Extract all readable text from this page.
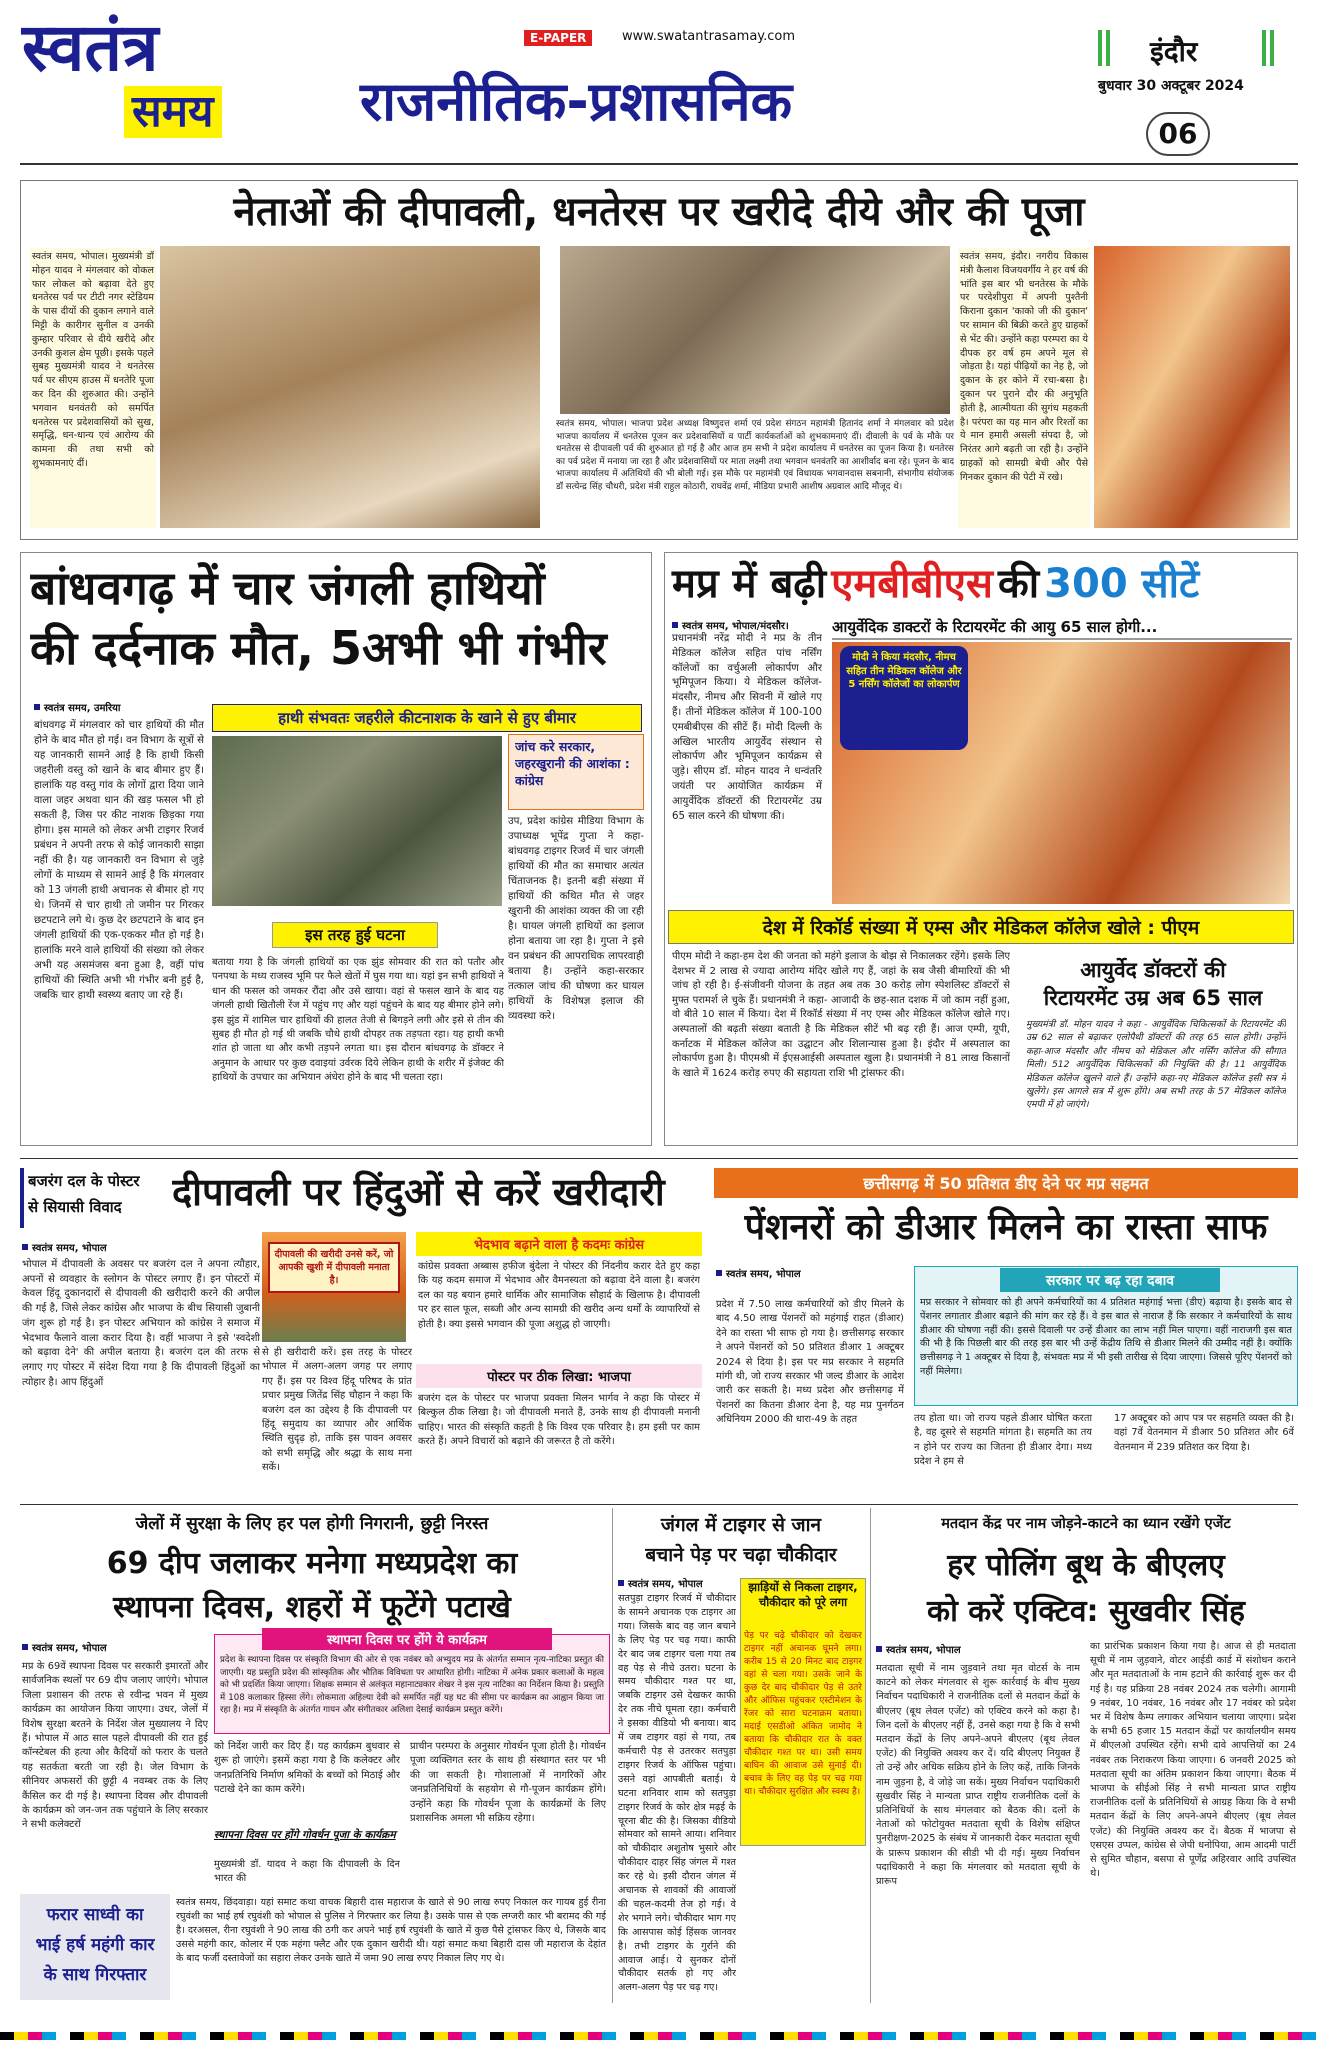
स्वतंत्र
समय
E-PAPER	www.swatantrasamay.com
राजनीतिक-प्रशासनिक
इंदौर
बुधवार 30 अक्टूबर 2024
06
नेताओं की दीपावली, धनतेरस पर खरीदे दीये और की पूजा
स्वतंत्र समय, भोपाल। मुख्यमंत्री डॉ मोहन यादव ने मंगलवार को वोकल फार लोकल को बढ़ावा देते हुए धनतेरस पर्व पर टीटी नगर स्टेडियम के पास दीयों की दुकान लगाने वाले मिट्टी के कारीगर सुनील व उनकी कुम्हार परिवार से दीये खरीदे और उनकी कुशल क्षेम पूछी। इसके पहले सुबह मुख्यमंत्री यादव ने धनतेरस पर्व पर सीएम हाउस में धनतेरि पूजा कर दिन की शुरुआत की। उन्होंने भगवान धनवंतरी को समर्पित धनतेरस पर प्रदेशवासियों को सुख, समृद्धि, धन-धान्य एवं आरोग्य की कामना की तथा सभी को शुभकामनाएं दीं।
स्वतंत्र समय, भोपाल। भाजपा प्रदेश अध्यक्ष विष्णुदत्त शर्मा एवं प्रदेश संगठन महामंत्री हितानंद शर्मा ने मंगलवार को प्रदेश भाजपा कार्यालय में धनतेरस पूजन कर प्रदेशवासियों व पार्टी कार्यकर्ताओं को शुभकामनाएं दीं। दीवाली के पर्व के मौके पर धनतेरस से दीपावली पर्व की शुरुआत हो गई है और आज हम सभी ने प्रदेश कार्यालय में धनतेरस का पूजन किया है। धनतेरस का पर्व प्रदेश में मनाया जा रहा है और प्रदेशवासियों पर माता लक्ष्मी तथा भगवान धनवंतरि का आशीर्वाद बना रहे। पूजन के बाद भाजपा कार्यालय में अतिथियों की भी बोली गई। इस मौके पर महामंत्री एवं विधायक भगवानदास सबनानी, संभागीय संयोजक डॉ सत्येन्द्र सिंह चौधरी, प्रदेश मंत्री राहुल कोठारी, राघवेंद्र शर्मा, मीडिया प्रभारी आशीष अग्रवाल आदि मौजूद थे।
स्वतंत्र समय, इंदौर। नगरीय विकास मंत्री कैलाश विजयवर्गीय ने हर वर्ष की भांति इस बार भी धनतेरस के मौके पर परदेशीपुरा में अपनी पुश्तैनी किराना दुकान 'काको जी की दुकान' पर सामान की बिक्री करते हुए ग्राहकों से भेंट की। उन्होंने कहा परम्परा का ये दीपक हर वर्ष हम अपने मूल से जोड़ता है। यहां पीढ़ियों का नेह है, जो दुकान के हर कोने में रचा-बसा है। दुकान पर पुराने दौर की अनुभूति होती है, आत्मीयता की सुगंध महकती है। परंपरा का यह मान और रिश्तों का ये मान हमारी असली संपदा है, जो निरंतर आगे बढ़ती जा रही है। उन्होंने ग्राहकों को सामग्री बेची और पैसे गिनकर दुकान की पेटी में रखे।
बांधवगढ़ में चार जंगली हाथियों
की दर्दनाक मौत, 5अभी भी गंभीर
स्वतंत्र समय, उमरिया
बांधवगढ़ में मंगलवार को चार हाथियों की मौत होने के बाद मौत हो गई। वन विभाग के सूत्रों से यह जानकारी सामने आई है कि हाथी किसी जहरीली वस्तु को खाने के बाद बीमार हुए हैं। हालांकि यह वस्तु गांव के लोगों द्वारा दिया जाने वाला जहर अथवा धान की खड़ फसल भी हो सकती है, जिस पर कीट नाशक छिड़का गया होगा। इस मामले को लेकर अभी टाइगर रिजर्व प्रबंधन ने अपनी तरफ से कोई जानकारी साझा नहीं की है। यह जानकारी वन विभाग से जुड़े लोगों के माध्यम से सामने आई है कि मंगलवार को 13 जंगली हाथी अचानक से बीमार हो गए थे। जिनमें से चार हाथी तो जमीन पर गिरकर छटपटाने लगे थे। कुछ देर छटपटाने के बाद इन जंगली हाथियों की एक-एककर मौत हो गई है। हालांकि मरने वाले हाथियों की संख्या को लेकर अभी यह असमंजस बना हुआ है, वहीं पांच हाथियों की स्थिति अभी भी गंभीर बनी हुई है, जबकि चार हाथी स्वस्थ्य बताए जा रहे हैं।
हाथी संभवतः जहरीले कीटनाशक के खाने से हुए बीमार
जांच करे सरकार, जहरखुरानी की आशंका : कांग्रेस
उप, प्रदेश कांग्रेस मीडिया विभाग के उपाध्यक्ष भूपेंद्र गुप्ता ने कहा-बांधवगढ़ टाइगर रिजर्व में चार जंगली हाथियों की मौत का समाचार अत्यंत चिंताजनक है। इतनी बड़ी संख्या में हाथियों की कथित मौत से जहर खुरानी की आशंका व्यक्त की जा रही है। घायल जंगली हाथियों का इलाज होना बताया जा रहा है। गुप्ता ने इसे वन प्रबंधन की आपराधिक लापरवाही बताया है। उन्होंने कहा-सरकार तत्काल जांच की घोषणा कर घायल हाथियों के विशेषज्ञ इलाज की व्यवस्था करे।
इस तरह हुई घटना
बताया गया है कि जंगली हाथियों का एक झुंड सोमवार की रात को पतौर और पनपथा के मध्य राजस्व भूमि पर फैले खेतों में घुस गया था। यहां इन सभी हाथियों ने धान की फसल को जमकर रौंदा और उसे खाया। वहां से फसल खाने के बाद यह जंगली हाथी खितौली रेंज में पहुंच गए और यहां पहुंचने के बाद यह बीमार होने लगे। इस झुंड में शामिल चार हाथियों की हालत तेजी से बिगड़ने लगी और इसे से तीन की सुबह ही मौत हो गई थी जबकि चौथे हाथी दोपहर तक तड़पता रहा। यह हाथी कभी शांत हो जाता था और कभी तड़पने लगता था। इस दौरान बांधवगढ़ के डॉक्टर ने अनुमान के आधार पर कुछ दवाइयां उर्वरक दिये लेकिन हाथी के शरीर में इंजेक्ट की हाथियों के उपचार का अभियान अंधेरा होने के बाद भी चलता रहा।
मप्र में बढ़ी एमबीबीएस की 300 सीटें
स्वतंत्र समय, भोपाल/मंदसौर।
प्रधानमंत्री नरेंद्र मोदी ने मप्र के तीन मेडिकल कॉलेज सहित पांच नर्सिंग कॉलेजों का वर्चुअली लोकार्पण और भूमिपूजन किया। ये मेडिकल कॉलेज-मंदसौर, नीमच और सिवनी में खोले गए हैं। तीनों मेडिकल कॉलेज में 100-100 एमबीबीएस की सीटें हैं। मोदी दिल्ली के अखिल भारतीय आयुर्वेद संस्थान से लोकार्पण और भूमिपूजन कार्यक्रम से जुड़े। सीएम डॉ. मोहन यादव ने धन्वंतरि जयंती पर आयोजित कार्यक्रम में आयुर्वेदिक डॉक्टरों की रिटायरमेंट उम्र 65 साल करने की घोषणा की।
आयुर्वेदिक डाक्टरों के रिटायरमेंट की आयु 65 साल होगी...
मोदी ने किया मंदसौर, नीमच सहित तीन मेडिकल कॉलेज और 5 नर्सिंग कॉलेजों का लोकार्पण
देश में रिकॉर्ड संख्या में एम्स और मेडिकल कॉलेज खोले : पीएम
पीएम मोदी ने कहा-हम देश की जनता को महंगे इलाज के बोझ से निकालकर रहेंगे। इसके लिए देशभर में 2 लाख से ज्यादा आरोग्य मंदिर खोले गए हैं, जहां के सब जैसी बीमारियों की भी जांच हो रही है। ई-संजीवनी योजना के तहत अब तक 30 करोड़ लोग स्पेशलिस्ट डॉक्टरों से मुफ्त परामर्श ले चुके हैं। प्रधानमंत्री ने कहा- आजादी के छह-सात दशक में जो काम नहीं हुआ, वो बीते 10 साल में किया। देश में रिकॉर्ड संख्या में नए एम्स और मेडिकल कॉलेज खोले गए। अस्पतालों की बढ़ती संख्या बताती है कि मेडिकल सीटें भी बढ़ रही हैं। आज एम्पी, यूपी, कर्नाटक में मेडिकल कॉलेज का उद्घाटन और शिलान्यास हुआ है। इंदौर में अस्पताल का लोकार्पण हुआ है। पीएमश्री में ईएसआईसी अस्पताल खुला है। प्रधानमंत्री ने 81 लाख किसानों के खाते में 1624 करोड़ रुपए की सहायता राशि भी ट्रांसफर की।
आयुर्वेद डॉक्टरों की
रिटायरमेंट उम्र अब 65 साल
मुख्यमंत्री डॉ. मोहन यादव ने कहा - आयुर्वेदिक चिकित्सकों के रिटायरमेंट की उम्र 62 साल से बढ़ाकर एलोपैथी डॉक्टरों की तरह 65 साल होगी। उन्होंने कहा-आज मंदसौर और नीमच को मेडिकल और नर्सिंग कॉलेज की सौगात मिली। 512 आयुर्वेदिक चिकित्सकों की नियुक्ति की है। 11 आयुर्वेदिक मेडिकल कॉलेज खुलने वाले हैं। उन्होंने कहा-नए मेडिकल कॉलेज इसी सत्र में खुलेंगे। इस आगले सत्र में शुरू होंगे। अब सभी तरह के 57 मेडिकल कॉलेज एमपी में हो जाएंगे।
बजरंग दल के पोस्टर
से सियासी विवाद	दीपावली पर हिंदुओं से करें खरीदारी
स्वतंत्र समय, भोपाल
भोपाल में दीपावली के अवसर पर बजरंग दल ने अपना त्यौहार, अपनों से व्यवहार के स्लोगन के पोस्टर लगाए हैं। इन पोस्टरों में केवल हिंदू दुकानदारों से दीपावली की खरीदारी करने की अपील की गई है, जिसे लेकर कांग्रेस और भाजपा के बीच सियासी जुबानी जंग शुरू हो गई है। इन पोस्टर अभियान को कांग्रेस ने समाज में भेदभाव फैलाने वाला करार दिया है। वहीं भाजपा ने इसे 'स्वदेशी को बढ़ावा देने' की अपील बताया है। बजरंग दल की तरफ से लगाए गए पोस्टर में संदेश दिया गया है कि दीपावली हिंदुओं का त्योहार है। आप हिंदुओं
दीपावली की खरीदी उनसे करें, जो आपकी खुशी में दीपावली मनाता है।
से ही खरीदारी करें। इस तरह के पोस्टर भोपाल में अलग-अलग जगह पर लगाए गए हैं। इस पर विश्व हिंदू परिषद के प्रांत प्रचार प्रमुख जितेंद्र सिंह चौहान ने कहा कि बजरंग दल का उद्देश्य है कि दीपावली पर हिंदू समुदाय का व्यापार और आर्थिक स्थिति सुदृढ़ हो, ताकि इस पावन अवसर को सभी समृद्धि और श्रद्धा के साथ मना सकें।
भेदभाव बढ़ाने वाला है कदमः कांग्रेस
कांग्रेस प्रवक्ता अब्बास हफीज बुंदेला ने पोस्टर की निंदनीय करार देते हुए कहा कि यह कदम समाज में भेदभाव और वैमनस्यता को बढ़ावा देने वाला है। बजरंग दल का यह बयान हमारे धार्मिक और सामाजिक सौहार्द के खिलाफ है। दीपावली पर हर साल फूल, सब्जी और अन्य सामग्री की खरीद अन्य धर्मों के व्यापारियों से होती है। क्या इससे भगवान की पूजा अशुद्ध हो जाएगी।
पोस्टर पर ठीक लिखा: भाजपा
बजरंग दल के पोस्टर पर भाजपा प्रवक्ता मिलन भार्गव ने कहा कि पोस्टर में बिल्कुल ठीक लिखा है। जो दीपावली मनाते हैं, उनके साथ ही दीपावली मनानी चाहिए। भारत की संस्कृति कहती है कि विश्व एक परिवार है। हम इसी पर काम करते हैं। अपने विचारों को बढ़ाने की जरूरत है तो करेंगे।
छत्तीसगढ़ में 50 प्रतिशत डीए देने पर मप्र सहमत
पेंशनरों को डीआर मिलने का रास्ता साफ
स्वतंत्र समय, भोपाल
प्रदेश में 7.50 लाख कर्मचारियों को डीए मिलने के बाद 4.50 लाख पेंशनरों को महंगाई राहत (डीआर) देने का रास्ता भी साफ हो गया है। छत्तीसगढ़ सरकार ने अपने पेंशनरों को 50 प्रतिशत डीआर 1 अक्टूबर 2024 से दिया है। इस पर मप्र सरकार ने सहमति मांगी थी, जो राज्य सरकार भी जल्द डीआर के आदेश जारी कर सकती है। मध्य प्रदेश और छत्तीसगढ़ में पेंशनरों का कितना डीआर देना है, यह मप्र पुनर्गठन अधिनियम 2000 की धारा-49 के तहत
सरकार पर बढ़ रहा दबाव
मप्र सरकार ने सोमवार को ही अपने कर्मचारियों का 4 प्रतिशत महंगाई भत्ता (डीए) बढ़ाया है। इसके बाद से पेंशनर लगातार डीआर बढ़ाने की मांग कर रहे हैं। वे इस बात से नाराज हैं कि सरकार ने कर्मचारियों के साथ डीआर की घोषणा नहीं की। इससे दिवाली पर उन्हें डीआर का लाभ नहीं मिल पाएगा। वहीं नाराजगी इस बात की भी है कि पिछली बार की तरह इस बार भी उन्हें केंद्रीय तिथि से डीआर मिलने की उम्मीद नहीं है। क्योंकि छत्तीसगढ़ ने 1 अक्टूबर से दिया है, संभवतः मप्र में भी इसी तारीख से दिया जाएगा। जिससे पूरिए पेंशनरों को नहीं मिलेगा।
तय होता था। जो राज्य पहले डीआर घोषित करता है, वह दूसरे से सहमति मांगता है। सहमति का तय न होने पर राज्य का जितना ही डीआर देगा। मध्य प्रदेश ने हम से
17 अक्टूबर को आप पत्र पर सहमति व्यक्त की है। वहां 7वें वेतनमान में डीआर 50 प्रतिशत और 6वें वेतनमान में 239 प्रतिशत कर दिया है।
जेलों में सुरक्षा के लिए हर पल होगी निगरानी, छुट्टी निरस्त
69 दीप जलाकर मनेगा मध्यप्रदेश का
स्थापना दिवस, शहरों में फूटेंगे पटाखे
स्वतंत्र समय, भोपाल
मप्र के 69वें स्थापना दिवस पर सरकारी इमारतों और सार्वजनिक स्थलों पर 69 दीप जलाए जाएंगे। भोपाल जिला प्रशासन की तरफ से रवीन्द्र भवन में मुख्य कार्यक्रम का आयोजन किया जाएगा। उधर, जेलों में विशेष सुरक्षा बरतने के निर्देश जेल मुख्यालय ने दिए हैं। भोपाल में आठ साल पहले दीपावली की रात हुई कॉन्स्टेबल की हत्या और कैदियों को फरार के चलते यह सतर्कता बरती जा रही है। जेल विभाग के सीनियर अफसरों की छुट्टी 4 नवम्बर तक के लिए कैंसिल कर दी गई है। स्थापना दिवस और दीपावली के कार्यक्रम को जन-जन तक पहुंचाने के लिए सरकार ने सभी कलेक्टरों
स्थापना दिवस पर होंगे ये कार्यक्रम
प्रदेश के स्थापना दिवस पर संस्कृति विभाग की ओर से एक नवंबर को अभ्युदय मप्र के अंतर्गत सम्मान नृत्य-नाटिका प्रस्तुत की जाएगी। यह प्रस्तुति प्रदेश की सांस्कृतिक और भौतिक विविधता पर आधारित होगी। नाटिका में अनेक प्रकार कलाओं के महत्व को भी प्रदर्शित किया जाएगा। शिक्षक सम्मान से अलंकृत महानाट्यकार शेखर ने इस नृत्य नाटिका का निर्देशन किया है। प्रस्तुति में 108 कलाकार हिस्सा लेंगे। लोकमाता अहिल्या देवी को समर्पित नहीं यह घट की सीमा पर कार्यक्रम का आह्वान किया जा रहा है। मप्र में संस्कृति के अंतर्गत गायन और संगीतकार अलिशा देसाई कार्यक्रम प्रस्तुत करेंगे।
को निर्देश जारी कर दिए हैं। यह कार्यक्रम बुधवार से शुरू हो जाएंगे। इसमें कहा गया है कि कलेक्टर और जनप्रतिनिधि निर्माण श्रमिकों के बच्चों को मिठाई और पटाखे देने का काम करेंगे।
स्थापना दिवस पर होंगे गोवर्धन पूजा के कार्यक्रम
मुख्यमंत्री डॉ. यादव ने कहा कि दीपावली के दिन भारत की
प्राचीन परम्परा के अनुसार गोवर्धन पूजा होती है। गोवर्धन पूजा व्यक्तिगत स्तर के साथ ही संस्थागत स्तर पर भी की जा सकती है। गोशालाओं में नागरिकों और जनप्रतिनिधियों के सहयोग से गौ-पूजन कार्यक्रम होंगे। उन्होंने कहा कि गोवर्धन पूजा के कार्यक्रमों के लिए प्रशासनिक अमला भी सक्रिय रहेगा।
फरार साध्वी का
भाई हर्ष महंगी कार
के साथ गिरफ्तार
स्वतंत्र समय, छिंदवाड़ा। यहां समाट कथा वाचक बिहारी दास महाराज के खाते से 90 लाख रुपए निकाल कर गायब हुई रीना रघुवंशी का भाई हर्ष रघुवंशी को भोपाल से पुलिस ने गिरफ्तार कर लिया है। उसके पास से एक लग्जरी कार भी बरामद की गई है। दरअसल, रीना रघुवंशी ने 90 लाख की ठगी कर अपने भाई हर्ष रघुवंशी के खाते में कुछ पैसे ट्रांसफर किए थे, जिसके बाद उससे महंगी कार, कोलार में एक महंगा फ्लैट और एक दुकान खरीदी थी। यहां समाट कथा बिहारी दास जी महाराज के देहांत के बाद फर्जी दस्तावेजों का सहारा लेकर उनके खाते में जमा 90 लाख रुपए निकाल लिए गए थे।
जंगल में टाइगर से जान
बचाने पेड़ पर चढ़ा चौकीदार
स्वतंत्र समय, भोपाल
सतपुड़ा टाइगर रिजर्व में चौकीदार के सामने अचानक एक टाइगर आ गया। जिसके बाद वह जान बचाने के लिए पेड़ पर चढ़ गया। काफी देर बाद जब टाइगर चला गया तब वह पेड़ से नीचे उतरा। घटना के समय चौकीदार गश्त पर था, जबकि टाइगर उसे देखकर काफी देर तक नीचे घूमता रहा। कर्मचारी ने इसका वीडियो भी बनाया। बाद में जब टाइगर वहां से गया, तब कर्मचारी पेड़ से उतरकर सतपुड़ा टाइगर रिजर्व के ऑफिस पहुंचा। उसने वहां आपबीती बताई। ये घटना शनिवार शाम को सतपुड़ा टाइगर रिजर्व के कोर क्षेत्र मढ़ई के चूरना बीट की है। जिसका वीडियो सोमवार को सामने आया। शनिवार को चौकीदार अशुतोष भुसारे और चौकीदार दाहर सिंह जंगल में गश्त कर रहे थे। इसी दौरान जंगल में अचानक से शावकों की आवाजों की चहल-कदमी तेज हो गई। वे शेर भगाने लगे। चौकीदार भाग गए कि आसपास कोई हिंसक जानवर है। तभी टाइगर के गुर्राने की आवाज आई। ये सुनकर दोनों चौकीदार सतर्क हो गए और अलग-अलग पेड़ पर चढ़ गए।
झाड़ियों से निकला टाइगर, चौकीदार को पूरे लगा
पेड़ पर चढ़े चौकीदार को देखकर टाइगर नहीं अचानक घूमने लगा। करीब 15 से 20 मिनट बाद टाइगर वहां से चला गया। उसके जाने के कुछ देर बाद चौकीदार पेड़ से उतरे और ऑफिस पहुंचकर एस्टीमेशन के रेंजर को सारा घटनाक्रम बताया। मदाई एसडीओ अंकित जामोद ने बताया कि चौकीदार रात के वक्त चौकीदार गश्त पर था। उसी समय बाघिन की आवाज उसे सुनाई दी। बचाव के लिए वह पेड़ पर चढ़ गया था। चौकीदार सुरक्षित और स्वस्थ है।
मतदान केंद्र पर नाम जोड़ने-काटने का ध्यान रखेंगे एजेंट
हर पोलिंग बूथ के बीएलए
को करें एक्टिव: सुखवीर सिंह
स्वतंत्र समय, भोपाल
मतदाता सूची में नाम जुड़वाने तथा मृत वोटर्स के नाम काटने को लेकर मंगलवार से शुरू कार्रवाई के बीच मुख्य निर्वाचन पदाधिकारी ने राजनीतिक दलों से मतदान केंद्रों के बीएलए (बूथ लेवल एजेंट) को एक्टिव करने को कहा है। जिन दलों के बीएलए नहीं हैं, उनसे कहा गया है कि वे सभी मतदान केंद्रों के लिए अपने-अपने बीएलए (बूथ लेवल एजेंट) की नियुक्ति अवश्य कर दें। यदि बीएलए नियुक्त हैं तो उन्हें और अधिक सक्रिय होने के लिए कहें, ताकि जिनके नाम जुड़ना है, वे जोड़े जा सकें। मुख्य निर्वाचन पदाधिकारी सुखवीर सिंह ने मान्यता प्राप्त राष्ट्रीय राजनीतिक दलों के प्रतिनिधियों के साथ मंगलवार को बैठक की। दलों के नेताओं को फोटोयुक्त मतदाता सूची के विशेष संक्षिप्त पुनरीक्षण-2025 के संबंध में जानकारी देकर मतदाता सूची के प्रारूप प्रकाशन की सीडी भी दी गई। मुख्य निर्वाचन पदाधिकारी ने कहा कि मंगलवार को मतदाता सूची के प्रारूप
का प्रारंभिक प्रकाशन किया गया है। आज से ही मतदाता सूची में नाम जुड़वाने, वोटर आईडी कार्ड में संशोधन कराने और मृत मतदाताओं के नाम हटाने की कार्रवाई शुरू कर दी गई है। यह प्रक्रिया 28 नवंबर 2024 तक चलेगी। आगामी 9 नवंबर, 10 नवंबर, 16 नवंबर और 17 नवंबर को प्रदेश भर में विशेष कैम्प लगाकर अभियान चलाया जाएगा। प्रदेश के सभी 65 हजार 15 मतदान केंद्रों पर कार्यालयीन समय में बीएलओ उपस्थित रहेंगे। सभी दावे आपत्तियों का 24 नवंबर तक निराकरण किया जाएगा। 6 जनवरी 2025 को मतदाता सूची का अंतिम प्रकाशन किया जाएगा। बैठक में भाजपा के सीईओ सिंह ने सभी मान्यता प्राप्त राष्ट्रीय राजनीतिक दलों के प्रतिनिधियों से आग्रह किया कि वे सभी मतदान केंद्रों के लिए अपने-अपने बीएलए (बूथ लेवल एजेंट) की नियुक्ति अवश्य कर दें। बैठक में भाजपा से एसएस उप्पल, कांग्रेस से जेपी धनोपिया, आम आदमी पार्टी से सुमित चौहान, बसपा से पूर्णेंद्र अहिरवार आदि उपस्थित थे।
